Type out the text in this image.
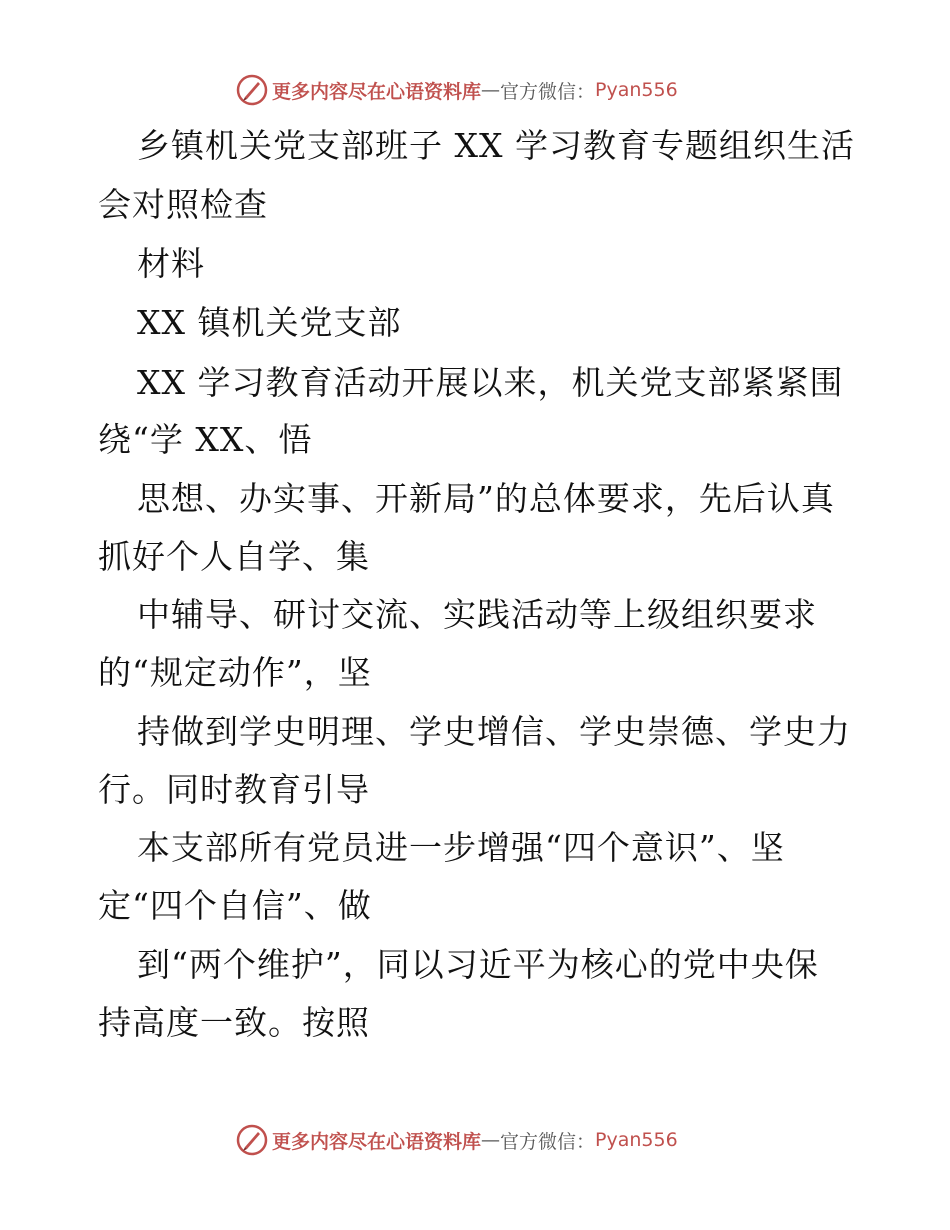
更多内容尽在心语资料库 — 官方微信： Pyan556
乡镇机关党支部班子 XX 学习教育专题组织生活
会对照检查
材料
XX 镇机关党支部
XX 学习教育活动开展以来，机关党支部紧紧围
绕“学 XX、悟
思想、办实事、开新局”的总体要求，先后认真
抓好个人自学、集
中辅导、研讨交流、实践活动等上级组织要求
的“规定动作”，坚
持做到学史明理、学史增信、学史崇德、学史力
行。同时教育引导
本支部所有党员进一步增强“四个意识”、坚
定“四个自信”、做
到“两个维护”，同以习近平为核心的党中央保
持高度一致。按照
更多内容尽在心语资料库 — 官方微信： Pyan556
